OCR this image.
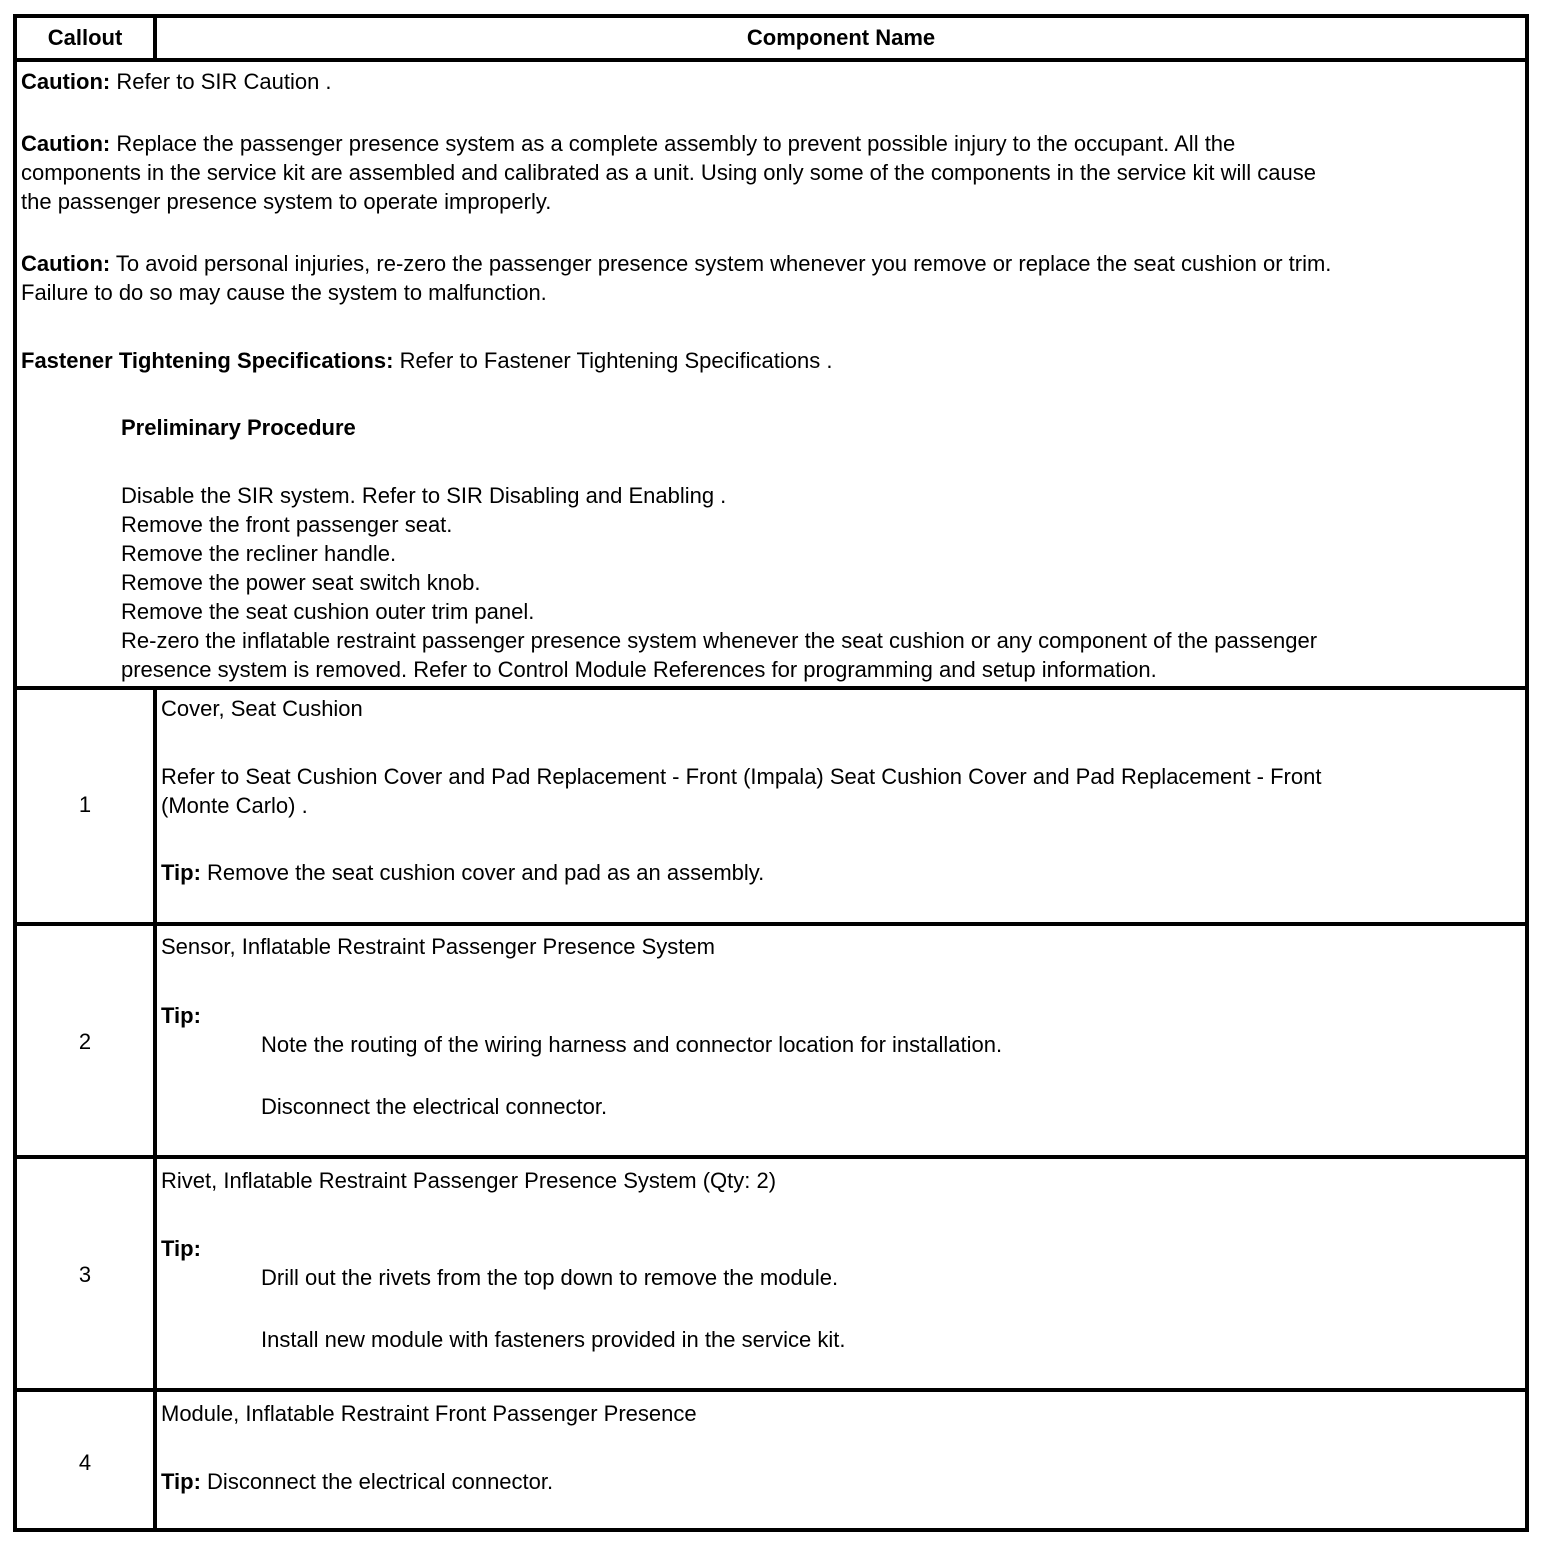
Callout	Component Name
Caution: Refer to SIR Caution .
Caution: Replace the passenger presence system as a complete assembly to prevent possible injury to the occupant. All the
components in the service kit are assembled and calibrated as a unit. Using only some of the components in the service kit will cause
the passenger presence system to operate improperly.
Caution: To avoid personal injuries, re-zero the passenger presence system whenever you remove or replace the seat cushion or trim.
Failure to do so may cause the system to malfunction.
Fastener Tightening Specifications: Refer to Fastener Tightening Specifications .
Preliminary Procedure
Disable the SIR system. Refer to SIR Disabling and Enabling .
Remove the front passenger seat.
Remove the recliner handle.
Remove the power seat switch knob.
Remove the seat cushion outer trim panel.
Re-zero the inflatable restraint passenger presence system whenever the seat cushion or any component of the passenger
presence system is removed. Refer to Control Module References for programming and setup information.
1
Cover, Seat Cushion
Refer to Seat Cushion Cover and Pad Replacement - Front (Impala) Seat Cushion Cover and Pad Replacement - Front
(Monte Carlo) .
Tip: Remove the seat cushion cover and pad as an assembly.
2
Sensor, Inflatable Restraint Passenger Presence System
Tip:
Note the routing of the wiring harness and connector location for installation.
Disconnect the electrical connector.
3
Rivet, Inflatable Restraint Passenger Presence System (Qty: 2)
Tip:
Drill out the rivets from the top down to remove the module.
Install new module with fasteners provided in the service kit.
4
Module, Inflatable Restraint Front Passenger Presence
Tip: Disconnect the electrical connector.
